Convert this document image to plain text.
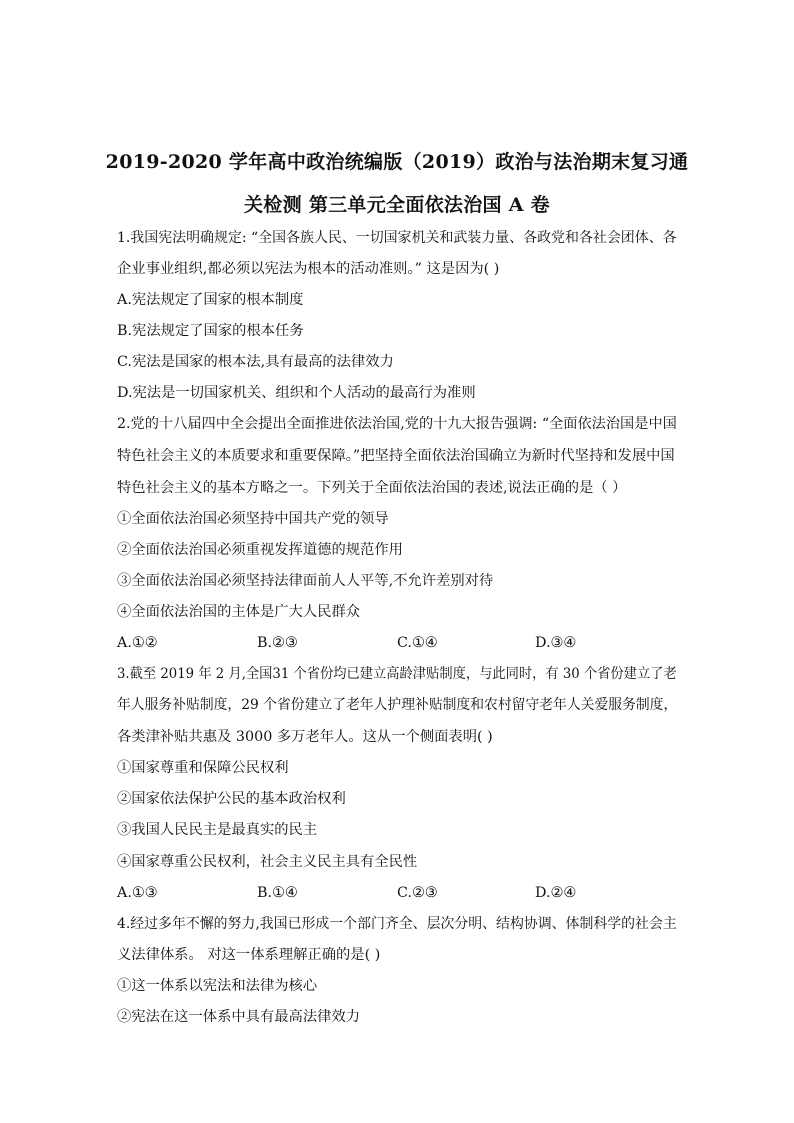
2019-2020 学年高中政治统编版（2019）政治与法治期末复习通
关检测 第三单元全面依法治国 A 卷
1.我国宪法明确规定: “全国各族人民、一切国家机关和武装力量、各政党和各社会团体、各
企业事业组织,都必须以宪法为根本的活动准则。” 这是因为( )
A.宪法规定了国家的根本制度
B.宪法规定了国家的根本任务
C.宪法是国家的根本法,具有最高的法律效力
D.宪法是一切国家机关、组织和个人活动的最高行为准则
2.党的十八届四中全会提出全面推进依法治国,党的十九大报告强调: “全面依法治国是中国
特色社会主义的本质要求和重要保障。”把坚持全面依法治国确立为新时代坚持和发展中国
特色社会主义的基本方略之一。下列关于全面依法治国的表述,说法正确的是（ ）
①全面依法治国必须坚持中国共产党的领导
②全面依法治国必须重视发挥道德的规范作用
③全面依法治国必须坚持法律面前人人平等,不允许差别对待
④全面依法治国的主体是广大人民群众
A.①②	B.②③	C.①④	D.③④
3.截至 2019 年 2 月,全国31 个省份均已建立高龄津贴制度，与此同时，有 30 个省份建立了老
年人服务补贴制度，29 个省份建立了老年人护理补贴制度和农村留守老年人关爱服务制度，
各类津补贴共惠及 3000 多万老年人。这从一个侧面表明( )
①国家尊重和保障公民权利
②国家依法保护公民的基本政治权利
③我国人民民主是最真实的民主
④国家尊重公民权利，社会主义民主具有全民性
A.①③	B.①④	C.②③	D.②④
4.经过多年不懈的努力,我国已形成一个部门齐全、层次分明、结构协调、体制科学的社会主
义法律体系。 对这一体系理解正确的是( )
①这一体系以宪法和法律为核心
②宪法在这一体系中具有最高法律效力
